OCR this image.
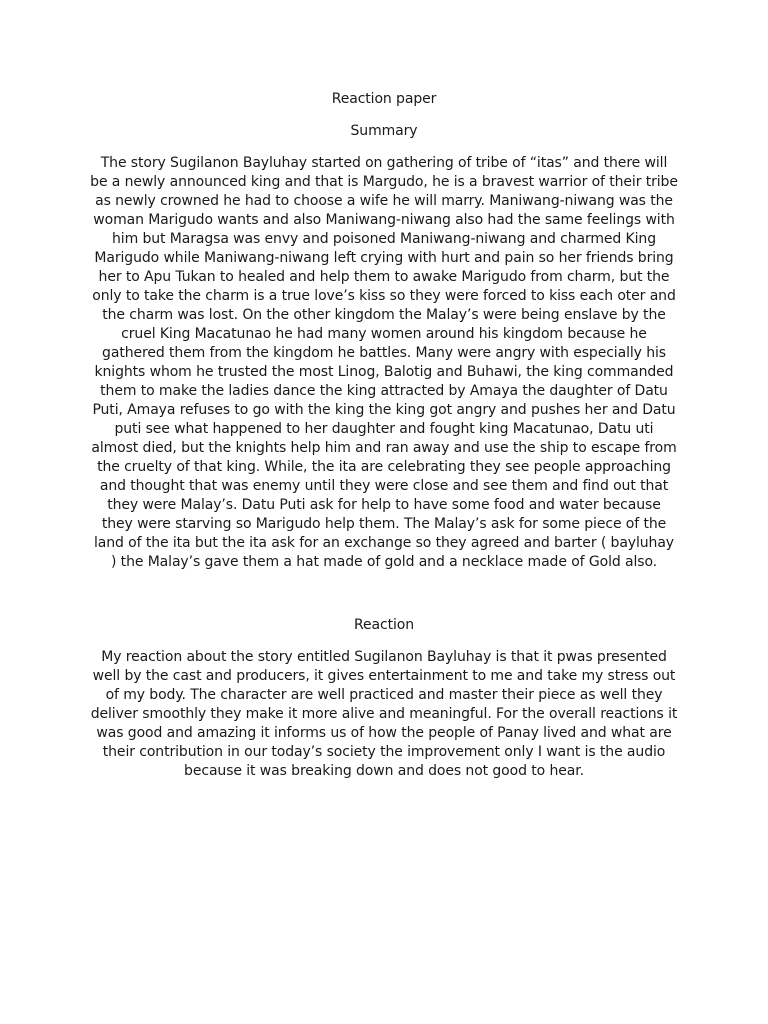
Reaction paper
Summary

The story Sugilanon Bayluhay started on gathering of tribe of “itas” and there will be a newly announced king and that is Margudo, he is a bravest warrior of their tribe as newly crowned he had to choose a wife he will marry. Maniwang-niwang was the woman Marigudo wants and also Maniwang-niwang also had the same feelings with him but Maragsa was envy and poisoned Maniwang-niwang and charmed King Marigudo while Maniwang-niwang left crying with hurt and pain so her friends bring her to Apu Tukan to healed and help them to awake Marigudo from charm, but the only to take the charm is a true love’s kiss so they were forced to kiss each oter and the charm was lost. On the other kingdom the Malay’s were being enslave by the cruel King Macatunao he had many women around his kingdom because he gathered them from the kingdom he battles. Many were angry with especially his knights whom he trusted the most Linog, Balotig and Buhawi, the king commanded them to make the ladies dance the king attracted by Amaya the daughter of Datu Puti, Amaya refuses to go with the king the king got angry and pushes her and Datu puti see what happened to her daughter and fought king Macatunao, Datu uti almost died, but the knights help him and ran away and use the ship to escape from the cruelty of that king. While, the ita are celebrating they see people approaching and thought that was enemy until they were close and see them and find out that they were Malay’s. Datu Puti ask for help to have some food and water because they were starving so Marigudo help them. The Malay’s ask for some piece of the land of the ita but the ita ask for an exchange so they agreed and barter ( bayluhay ) the Malay’s gave them a hat made of gold and a necklace made of Gold also.

Reaction

My reaction about the story entitled Sugilanon Bayluhay is that it pwas presented well by the cast and producers, it gives entertainment to me and take my stress out of my body. The character are well practiced and master their piece as well they deliver smoothly they make it more alive and meaningful. For the overall reactions it was good and amazing it informs us of how the people of Panay lived and what are their contribution in our today’s society the improvement only I want is the audio because it was breaking down and does not good to hear.
